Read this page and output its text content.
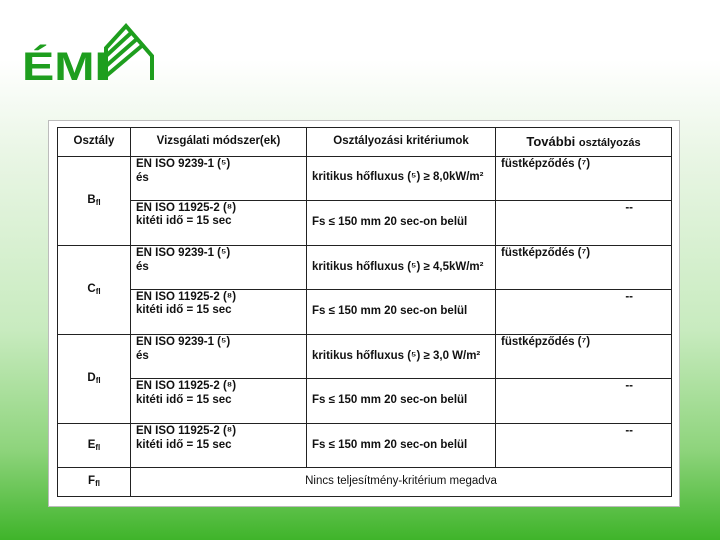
ÉMI
Osztály	Vizsgálati módszer(ek)	Osztályozási kritériumok	További osztályozás
$B_{fl}$	EN ISO 9239-1 (⁵)
és	kritikus hőfluxus (⁵) ≥ 8,0kW/m²	füstképződés (⁷)

	EN ISO 11925-2 (⁸)
kitéti idő = 15 sec	Fs ≤ 150 mm 20 sec-on belül	--
$C_{fl}$	EN ISO 9239-1 (⁵)
és	kritikus hőfluxus (⁵) ≥ 4,5kW/m²	füstképződés (⁷)

	EN ISO 11925-2 (⁸)
kitéti idő = 15 sec	Fs ≤ 150 mm 20 sec-on belül	--
$D_{fl}$	EN ISO 9239-1 (⁵)
és	kritikus hőfluxus (⁵) ≥ 3,0 W/m²	füstképződés (⁷)

	EN ISO 11925-2 (⁸)
kitéti idő = 15 sec	Fs ≤ 150 mm 20 sec-on belül	--
$E_{fl}$	EN ISO 11925-2 (⁸)
kitéti idő = 15 sec	Fs ≤ 150 mm 20 sec-on belül	--
$F_{fl}$	Nincs teljesítmény-kritérium megadva		
